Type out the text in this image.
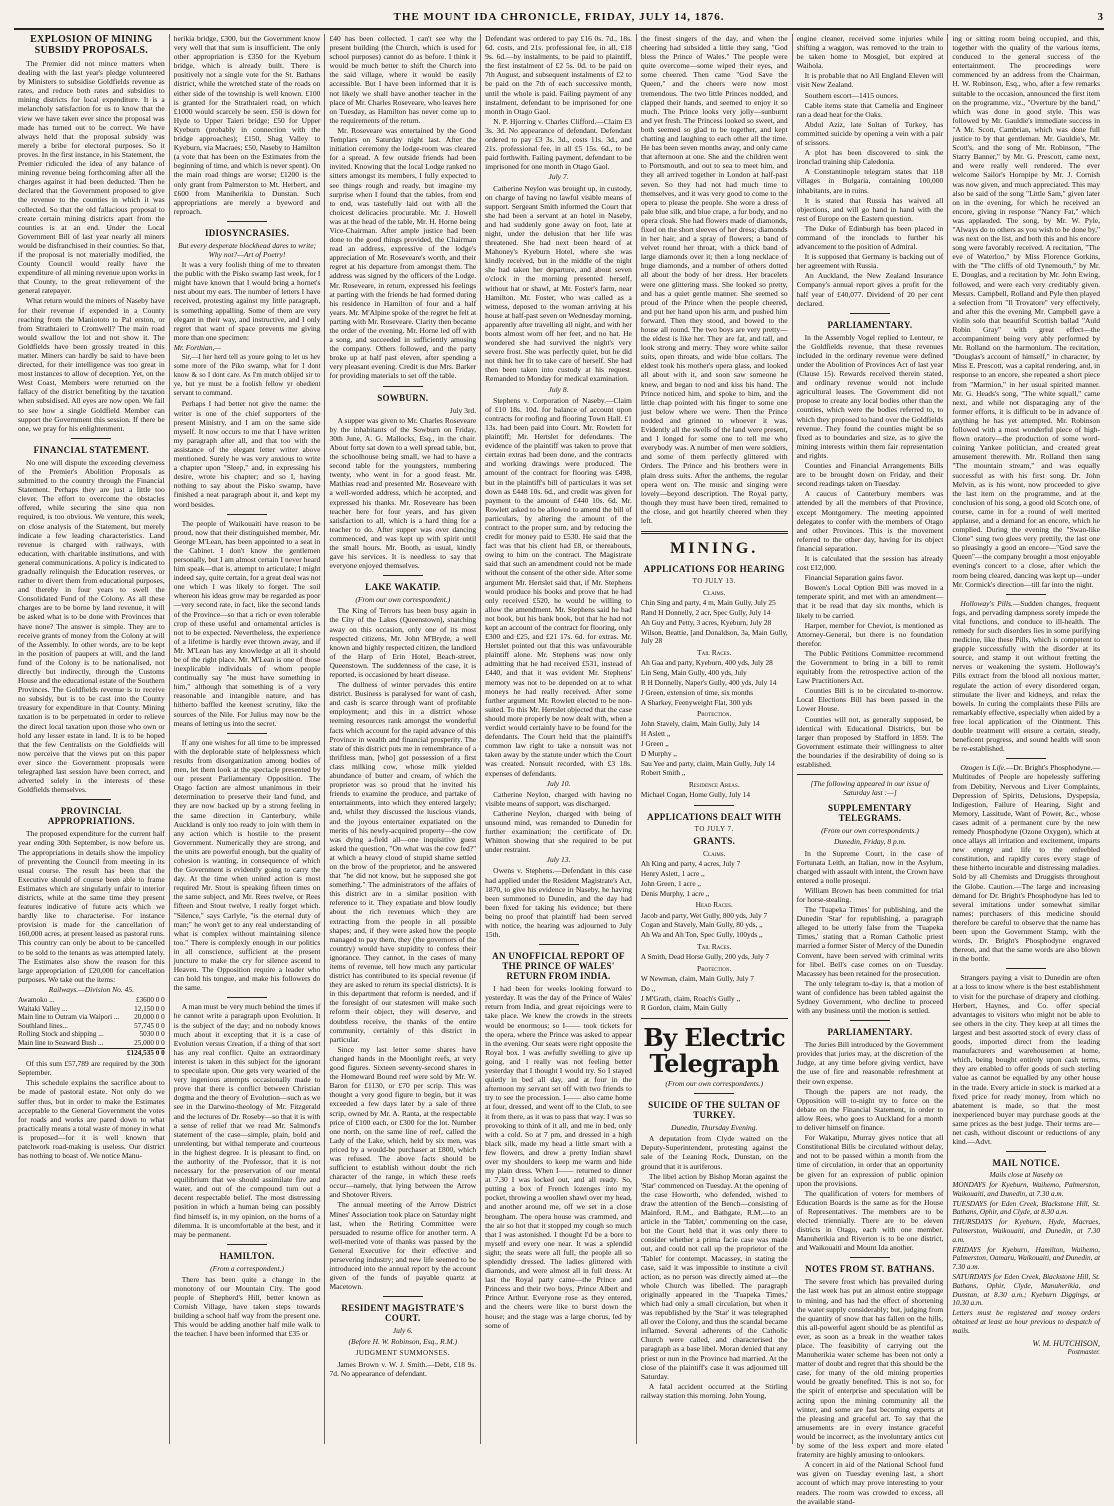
THE MOUNT IDA CHRONICLE, FRIDAY, JULY 14, 1876.	3
EXPLOSION OF MINING SUBSIDY PROPOSALS.

The Premier did not mince matters when dealing with the last year's pledge volunteered by Ministers to subsidise Goldfields revenue as rates, and reduce both rates and subsidies to mining districts for local expenditure. It is a melancholy satisfaction for us to know that the view we have taken ever since the proposal was made has turned out to be correct. We have always held that the proposal subsidy was merely a bribe for electoral purposes. So it proves. In the first instance, in his Statement, the Premier ridiculed the idea of any balance of mining revenue being forthcoming after all the charges against it had been deducted. Then he declared that the Government proposed to give the revenue to the counties in which it was collected. So that the old fallacious proposal to create certain mining districts apart from the counties is at an end. Under the Local Government Bill of last year nearly all miners would be disfranchised in their counties. So that, if the proposal is not materially modified, the County Council would really have the expenditure of all mining revenue upon works in that County, to the great relievement of the general ratepayer.

What return would the miners of Naseby have for their revenue if expended in a County reaching from the Maniototo to Pal erston, or from Strathtaieri to Cromwell? The main road would swallow the lot and not show it. The Goldfields have been grossly treated in this matter. Miners can hardly be said to have been directed, for their intelligence was too great in most instances to allow of deception. Yet, on the West Coast, Members were returned on the fallacy of the district benefiting by the taxation when subsidised. All eyes are now open. We fail to see how a single Goldfield Member can support the Government this session. If there be one, we pray for his enlightenment.

FINANCIAL STATEMENT.

No one will dispute the exceeding cleverness of the Premier's Abolition Proposals as submitted to the country through the Financial Statement. Perhaps they are just a little too clever. The effort to overcome the obstacles offered, while securing the sine qua non required, is too obvious. We venture, this week, on close analysis of the Statement, but merely indicate a few leading characteristics. Land revenue is charged with railways, with education, with charitable institutions, and with general communications. A policy is indicated to gradually relinquish the Education reserves, or rather to divert them from educational purposes, and thereby in four years to swell the Consolidated Fund of the Colony. As all these charges are to be borne by land revenue, it will be asked what is to be done with Provinces that have none? The answer is simple. They are to receive grants of money from the Colony at will of the Assembly. In other words, are to be kept in the position of paupers at will, and the land fund of the Colony is to be nationalised, not directly but indirectly, through the Customs House and the educational estate of the Southern Provinces. The Goldfields revenue is to receive no subsidy, but is to be cast into the County treasury for expenditure in that County. Mining taxation is to be perpetuated in order to relieve the direct local taxation upon those who own or hold any lesser estate in land. It is to be hoped that the few Centralists on the Goldfields will now perceive that the views put on this paper ever since the Government proposals were telegraphed last session have been correct, and adverted solely in the interests of these Goldfields themselves.

PROVINCIAL APPROPRIATIONS.

The proposed expenditure for the current half year ending 30th September, is now before us. The appropriations in details show the impolicy of preventing the Council from meeting in its usual course. The result has been that the Executive should of course been able to frame Estimates which are singularly unfair to interior districts, while at the same time they present features indicative of future acts which we hardly like to characterise. For instance provision is made for the cancellation of 160,000 acres, at present leased as pastoral runs. This country can only be about to be cancelled to be sold to the tenants as was attempted lately. The Estimates also show the reason for this large appropriation of £20,000 for cancellation purposes. We take out the items:

Railways.—Division No. 45.
Awamoko ...	£3600 0 0
Waitaki Valley ...	12,150 0 0
Main line to Outram via Waipori ...	20,000 0 0
Southland lines...	57,745 0 0
Rolling Stock and shipping ...	5030 0 0
Main line to Seaward Bush ...	25,000 0 0
	£124,535 0 0

Of this sum £57,789 are required by the 30th September.

This schedule explains the sacrifice about to be made of pastoral estate. Not only do we suffer thus, but in order to make the Estimates acceptable to the General Government the votes for roads and works are pared down to what practically means a total waste of money in what is proposed—for it is well known that patchwork road-making is useless. Our district has nothing to boast of. We notice Manu-

herikia bridge, £300, but the Government know very well that that sum is insufficient. The only other appropriation is £350 for the Kyeburn bridge, which is already built. There is positively not a single vote for the St. Bathans district, while the wretched state of the roads on either side of the township is well known. £100 is granted for the Strathtaieri road, on which £1000 would scarcely be seen. £50 is down for Hyde to Upper Taieri bridge; £50 for Upper Kyeburn (probably in connection with the bridge approaches); £150, Shag Valley to Kyeburn, via Macraes; £50, Naseby to Hamilton (a vote that has been on the Estimates from the beginning of time, and which is never spent). On the main road things are worse; £1200 is the only grant from Palmerston to Mt. Herbert, and £600 from Maniherikia to Dunstan. Such appropriations are merely a byeword and reproach.

IDIOSYNCRASIES.

But every desperate blockhead dares to write; Why not?—Art of Poetry!

It was a very foolish thing of me to threaten the public with the Pisko swamp last week, for I might have known that I would bring a hornet's nest about my ears. The number of letters I have received, protesting against my little paragraph, is something appalling. Some of them are very elegant in their way, and instructive, and I only regret that want of space prevents me giving more than one specimen:

Mr. Forthian,—

Sir,—I her herd tell as youre going to let us hev some more of the Piko swamp, what for I dont know & so I dont care. As I'm mutch oblijed sir to ye, but ye must be a foolish fellow yr obedient servant to command.

Perhaps I had better not give the name: the writer is one of the chief supporters of the present Ministry, and I am on the same side myself. It now occurs to me that I have written my paragraph after all, and that too with the assistance of the elegant letter writer above mentioned. Surely he was very anxious to write a chapter upon "Sleep," and, in expressing his desire, wrote his chapter; and so I, having nothing to say about the Pisko swamp, have finished a neat paragraph about it, and kept my word besides.

The people of Waikouaiti have reason to be proud, now that their distinguished member, Mr. George M'Lean, has been appointed to a seat in the Cabinet. I don't know the gentlemen personally, but I am almost certain I never heard him speak—that is, attempt to articulate; I might indeed say, quite certain, for a great deal was not one which I was likely to forget. The soil whereon his ideas grow may be regarded as poor—very second rate, in fact, like the second lands of the Province—so that a rich or even tolerable crop of these useful and ornamental articles is not to be expected. Nevertheless, the experience of a lifetime is hardly ever thrown away, and if Mr. M'Lean has any knowledge at all it should be of the right place. Mr. M'Lean is one of those inexplicable individuals of whom people continually say "he must have something in him," although that something is of a very reasonable and intangible nature, and has hitherto baffled the keenest scrutiny, like the sources of the Nile. For Julius may now be the means of letting us into the secret.

If any one wishes for all time to be impressed with the deplorable state of helplessness which results from disorganization among bodies of men, let them look at the spectacle presented by our present Parliamentary Opposition. The Otago faction are almost unanimous in their determination to preserve their land fund, and they are now backed up by a strong feeling in the same direction in Canterbury, while Auckland is only too ready to join with them in any action which is hostile to the present Government. Numerically they are strong, and the units are powerful enough, but the quality of cohesion is wanting, in consequence of which the Government is evidently going to carry the day. At the time when united action is most required Mr. Stout is speaking fifteen times on the same subject, and Mr. Rees twelve, or Rees fifteen and Stout twelve, I really forget which. "Silence," says Carlyle, "is the eternal duty of man;" he won't get to any real understanding of what is complex without maintaining silence too." There is complexly enough in our politics in all conscience, sufficient at the present juncture to make the cry for silence ascend to Heaven. The Opposition require a leader who can hold his tongue, and make his followers do the same.

A man must be very much behind the times if he cannot write a paragraph upon Evolution. It is the subject of the day; and no nobody knows much about it excepting that it is a case of Evolution versus Creation, if a thing of that sort has any real conflict. Quite an extraordinary interest is taken in this subject for the ignorant to speculate upon. One gets very wearied of the very ingenious attempts occasionally made to prove that there is conflict between Christian dogma and the theory of Evolution—such as we see in the Darwino-theology of Mr. Fitzgerald and the lectures of Dr. Roseby—so that it is with a sense of relief that we read Mr. Salmond's statement of the case—simple, plain, bold and unrelenting, but withal temperate and courteous in the highest degree. It is pleasant to find, on the authority of the Professor, that it is not necessary for the preservation of our mental equilibrium that we should assimilate fire and water, and out of the compound turn out a decent respectable belief. The most distressing position in which a human being can possibly find himself is, in my opinion, on the horns of a dilemma. It is uncomfortable at the best, and it may be permanent.

HAMILTON.
(From a correspondent.)

There has been quite a change in the monotony of our Mountain City. The good people of Shepherd's Hill, better known as Cornish Village, have taken steps towards building a school half way from the present one. This would be adding another half mile walk to the teacher. I have been informed that £35 or

£40 has been collected. I can't see why the present building (the Church, which is used for school purposes) cannot do as before. I think it would be much better to shift the Church into the said village, where it would be easily accessible. But I have been informed that it is not likely we shall have another teacher in the place of Mr. Charles Roseveare, who leaves here on Tuesday, as Hamilton has never come up to the requirements of the return.

Mr. Roseveare was entertained by the Good Templars on Saturday night last. After the initiation ceremony the lodge-room was cleared for a spread. A few outside friends had been invited. Knowing that the local Lodge ranked no sitters amongst its members, I fully expected to see things rough and ready, but imagine my surprise when I found that the tables, from end to end, was tastefully laid out with all the choicest delicacies procurable. Mr. J. Howell was at the head of the table, Mr. H. Horne being Vice-Chairman. After ample justice had been done to the good things provided, the Chairman read an address, expressive of the lodge's appreciation of Mr. Roseveare's worth, and their regret at his departure from amongst them. The address was signed by the officers of the Lodge. Mr. Roseveare, in return, expressed his feelings at parting with the friends he had formed during his residence in Hamilton of four and a half years. Mr. M'Alpine spoke of the regret he felt at parting with Mr. Roseveare. Clarity then became the order of the evening. Mr. Horne led off with a song, and succeeded in sufficiently amusing the company. Others followed, and the party broke up at half past eleven, after spending a very pleasant evening. Credit is due Mrs. Barker for providing materials to set off the table.

SOWBURN.

July 3rd.

A supper was given to Mr. Charles Roseveare by the inhabitants of the Sowburn on Friday, 30th June, A. G. Mallocks, Esq., in the chair. About forty sat down to a well spread table, but, the schoolhouse being small, we had to have a second table for the youngsters, numbering twenty, who went in for a good feast. Mr. Mathias read and presented Mr. Roseveare with a well-worded address, which he accepted, and expressed his thanks. Mr. Roseveare has been teacher here for four years, and has given satisfaction to all, which is a hard thing for a teacher to do. After supper was over dancing commenced, and was kept up with spirit until the small hours. Mr. Booth, as usual, kindly gave his services. It is needless to say that everyone enjoyed themselves.

LAKE WAKATIP.
(From our own correspondent.)

The King of Terrors has been busy again in the City of the Lakes (Queenstown), snatching away on this occasion, only one of its most respected citizens, Mr. John M'Bryde, a well known and highly respected citizen, the landlord of the Harp of Erin Hotel, Beach-street, Queenstown. The suddenness of the case, it is reported, is occasioned by heart disease.

The dullness of winter pervades this entire district. Business is paralysed for want of cash, and cash is scarce through want of profitable employment; and this in a district whose teeming resources rank amongst the wonderful facts which account for the rapid advance of this Province in wealth and financial prosperity. The state of this district puts me in remembrance of a thriftless man, [who] got possession of a first class milking cow, whose milk yielded abundance of butter and cream, of which the proprietor was so proud that he invited his friends to examine the produce, and partake of entertainments, into which they entered largely; and, whilst they discussed the luscious viands, and the joyous entertainer expatiated on the merits of his newly-acquired property—the cow was dying a-field all—one inquisitive guest asked the question, "On what was the cow fed?" at which a heavy cloud of stupid shame settled on the brow of the proprietor, and he answered that "he did not know, but he supposed she got something." The administrators of the affairs of this district are in a similar position with reference to it. They expatiate and blow loudly about the rich revenues which they are extracting from the people in all possible shapes; and, if they were asked how the people managed to pay them, they (the governors of the country) would have stupidity to confess their ignorance. They cannot, in the cases of many items of revenue, tell how much any particular district has contributed to its special revenue (if they are asked to return its special districts). It is in this department that reform is needed, and if the foresight of our statesmen will make such reform their object, they will deserve, and doubtless receive, the thanks of the entire community, certainly of this district in particular.

Since my last letter some shares have changed hands in the Moonlight reefs, at very good figures. Sixteen seventy-second shares in the Homeward Bound reef were sold by Mr. W. Baron for £1130, or £70 per scrip. This was thought a very good figure to begin, but it was exceeded a few days later by a sale of three scrip, owned by Mr. A. Ranta, at the respectable price of £100 each, or £300 for the lot. Number one north, on the same line of reef, called the Lady of the Lake, which, held by six men, was priced by a would-be purchaser at £800, which was refused. The above facts should be sufficient to establish without doubt the rich character of the range, in which these reefs occur—namely, that lying between the Arrow and Shotover Rivers.

The annual meeting of the Arrow District Mines' Association took place on Saturday night last, when the Retiring Committee were persuaded to resume office for another term. A well-merited vote of thanks was passed by the General Executive for their effective and persevering industry; and new life seemed to be introduced into the annual report by the account given of the funds of payable quartz at Macetown.

RESIDENT MAGISTRATE'S COURT.
July 6.
(Before H. W. Robinson, Esq., R.M.)
JUDGMENT SUMMONSES.

James Brown v. W. J. Smith.—Debt, £18 9s. 7d. No appearance of defendant.

Defendant was ordered to pay £16 0s. 7d., 18s. 6d. costs, and 21s. professional fee, in all, £18 9s. 6d.—by instalments, to be paid to plaintiff, the first instalment of £2 5s. 0d. to be paid on 7th August, and subsequent instalments of £2 to be paid on the 7th of each successive month, until the whole is paid. Failing payment of any instalment, defendant to be imprisoned for one month in Otago Gaol.

N. P. Hjorring v. Charles Clifford.—Claim £3 3s. 3d. No appearance of defendant. Defendant ordered to pay £3 3s. 3d., costs 11s. 3d., and 21s. professional fee, in all £5 15s. 6d., to be paid forthwith. Failing payment, defendant to be imprisoned for one month in Otago Gaol.

July 7.

Catherine Neylon was brought up, in custody, on charge of having no lawful visible means of support. Sergeant Smith informed the Court that she had been a servant at an hotel in Naseby, and had suddenly gone away on foot, late at night, under the delusion that her life was threatened. She had next been heard of at Mahoney's Kyeburn Hotel, where she was kindly received, but in the middle of the night she had taken her departure, and about seven o'clock in the morning presented herself, without hat or shawl, at Mr. Foster's farm, near Hamilton. Mr. Foster, who was called as a witness, deposed to the woman arriving at his house at half-past seven on Wednesday morning, apparently after travelling all night, and with her boots almost worn off her feet, and no hat. He wondered she had survived the night's very severe frost. She was perfectly quiet, but he did not think her fit to take care of herself. She had then been taken into custody at his request. Remanded to Monday for medical examination.

July 8.

Stephens v. Corporation of Naseby.—Claim of £10 18s. 10d. for balance of account upon contracts for roofing and flooring Town Hall. £1 13s. had been paid into Court. Mr. Rowlett for plaintiff; Mr. Hertslet for defendants. The evidence of the plaintiff was taken to prove that certain extras had been done, and the contracts and working drawings were produced. The amount of the contract for flooring was £498, but in the plaintiff's bill of particulars it was set down as £448 10s. 6d., and credit was given for payment to the amount of £440 10s. 6d. Mr. Rowlett asked to be allowed to amend the bill of particulars, by altering the amount of the contract to the proper sum, and by reducing the credit for money paid to £530. He said that the fact was that his client had £8, or thereabouts, owing to him on the contract. The Magistrate said that such an amendment could not be made without the consent of the other side. After some argument Mr. Hertslet said that, if Mr. Stephens would produce his books and prove that he had only received £520, he would be willing to allow the amendment. Mr. Stephens said he had not book, but his bank book, but that he had not kept an account of the contract for flooring, only £300 and £25, and £21 17s. 6d. for extras. Mr. Hertslet pointed out that this was unfavourable plaintiff alone. Mr. Stephens was now only admitting that he had received £531, instead of £440, and that it was evident Mr. Stephens' memory was not to be depended on at to what moneys he had really received. After some further argument Mr. Rowlett elected to be non-suited. To this Mr. Hertslet objected that the case should more properly be now dealt with, when a verdict would certainly have to be found for the defendants. The Court held that the plaintiff's common law right to take a nonsuit was not taken away by the statute under which the Court was created. Nonsuit recorded, with £3 18s. expenses of defendants.

July 10.

Catherine Neylon, charged with having no visible means of support, was discharged.

Catherine Neylon, charged with being of unsound mind, was remanded to Dunedin for further examination; the certificate of Dr. Whitton showing that she required to be put under restraint.

July 13.

Owens v. Stephens.—Defendant in this case had applied under the Resident Magistrate's Act, 1870, to give his evidence in Naseby, he having been summoned to Dunedin, and the day had been fixed for taking his evidence; but there being no proof that plaintiff had been served with notice, the hearing was adjourned to July 15th.

AN UNOFFICIAL REPORT OF THE PRINCE OF WALES' RETURN FROM INDIA.

I had been for weeks looking forward to yesterday. It was the day of the Prince of Wales' return from India, and great rejoicings were to take place. We knew the crowds in the streets would be enormous; so I—— took tickets for the opera, where the Prince was asked to appear in the evening. Our seats were right opposite the Royal box. I was awfully swelling to give up going, and I really was not feeling better yesterday that I thought I would try. So I stayed quietly in bed all day, and at four in the afternoon my servant set off with two friends to try to see the procession. I—— also came home at four, dressed, and went off to the Club, to see it from there, as it was to pass that way. I was so provoking to think of it all, and me in bed, only with a cold. So at 7 pm, and dressed in a high black silk, made my head a little smart with a few flowers, and drew a pretty Indian shawl over my shoulders to keep me warm and hide my plain dress. When I—— returned to dinner at 7.30 I was locked out, and all ready. So, putting a box of French lozenges into my pocket, throwing a woollen shawl over my head, and another around me, off we set in a close brougham. The opera house was crammed, and the air so hot that it stopped my cough so much that I was astonished. I thought I'd be a bore to myself and every one near. It was a splendid sight; the seats were all full, the people all so splendidly dressed. The ladies glittered with diamonds, and were almost all in full dress. At last the Royal party came—the Prince and Princess and their two boys, Prince Albert and Prince Arthur. Everyone rose as they entered, and the cheers were like to burst down the house; and the stage was a large chorus, led by some of

the finest singers of the day, and when the cheering had subsided a little they sang, "God bless the Prince of Wales." The people were quite overcome—some wiped their eyes, and some cheered. Then came "God Save the Queen," and the cheers were now most tremendous. The two little Princes nodded, and clapped their hands, and seemed to enjoy it so much. The Prince looks very jolly—sunburnt and yet fresh. The Princess looked so sweet, and both seemed so glad to be together, and kept chatting and laughing to each other all the time. He has been seven months away, and only came that afternoon at one. She and the children went to Portsmouth, and out to sea to meet him, and they all arrived together in London at half-past seven. So they had not had much time to themselves, and it was very good to come to the opera to please the people. She wore a dress of pale blue silk, and blue crape, a fur body, and no opera cloak. She had flowers made of diamonds, fixed on the short sleeves of her dress; diamonds in her hair, and a spray of flowers; a band of velvet round her throat, with a thick band of large diamonds over it; then a long necklace of huge diamonds, and a number of others dotted all about the body of her dress. Her bracelets were one glittering mass. She looked so pretty, and has a quiet gentle manner. She seemed so proud of the Prince when the people cheered, and put her hand upon his arm, and pushed him forward. Then they stood, and bowed to the house all round. The two boys are very pretty—the eldest is like her. They are fat, and tall, and look strong and merry. They wore white sailor suits, open throats, and wide blue collars. The eldest took his mother's opera glass, and looked all about with it, and soon saw someone he knew, and began to nod and kiss his hand. The Prince noticed him, and spoke to him, and the little chap pointed with his finger to some one just below where we were. Then the Prince nodded and grinned to whoever it was. Evidently all the swells of the land were present, and I longed for some one to tell me who everybody was. A number of men were soldiers, and some of them perfectly glittered with Orders. The Prince and his brothers were in plain dress suits. After the anthems, the regular opera went on. The music and singing were lovely—beyond description. The Royal party, though they must have been tired, remained to the close, and got heartily cheered when they left.

MINING.
APPLICATIONS FOR HEARING
TO JULY 13.
Claims.

Chin Sing and party, 4 m, Main Gully, July 25

Rand H Donnelly, 2 acr, Spec Gully, July 14

Ah Guy and Petty, 3 acres, Kyeburn, July 28

Wilson, Beattie, [and Donaldson, 3a, Main Gully, July 28

Tail Races.

Ah Gaa and party, Kyeburn, 400 yds, July 28

Lin Seng, Main Gully, 400 yds, July

R H Donnelly, Naper's Gully, 400 yds, July 14

J Green, extension of time, six months

A Sharkey, Feenyweight Flat, 300 yds

Protection.

John Stavely, claim, Main Gully, July 14

H Aslett ,,

J Green ,,

D Murphy ,,

Sau Yee and party, claim, Main Gully, July 14

Robert Smith ,,

Residence Areas.

Michael Cogan, Home Gully, July 14

APPLICATIONS DEALT WITH
TO JULY 7.
GRANTS.
Claims.

Ah King and party, 4 acres, July 7

Henry Aslett, 1 acre ,,

John Green, 1 acre ,,

Denis Murphy, 1 acre ,,

Head Races.

Jacob and party, Wet Gully, 800 yds, July 7

Cogan and Stavely, Main Gully, 80 yds, ,,

Ah Wa and Ah Ton, Spec Gully, 100yds ,,

Tail Races.

A Smith, Dead Horse Gully, 200 yds, July 7

Protection.

W Newman, claim, Main Gully, July 7

Do ,,

J M'Grath, claim, Roach's Gully ,,

R Gordon, claim, Main Gully

By Electric Telegraph
(From our own correspondents.)
SUICIDE OF THE SULTAN OF TURKEY.
Dunedin, Thursday Evening.

A deputation from Clyde waited on the Deputy-Superintendent, protesting against the sale of the Leaning Rock, Dunstan, on the ground that it is auriferous.

The libel action by Bishop Moran against the 'Star' commenced on Tuesday. At the opening of the case Howorth, who defended, wished to draw the attention of the Bench—consisting of Mainford, R.M., and Bathgate, R.M.—to an article in the 'Tablet,' commenting on the case, but the Court held that it was only there to consider whether a prima facie case was made out, and could not call up the proprietor of the 'Tablet' for contempt. Macassey, in stating the case, said it was impossible to institute a civil action, as no person was directly aimed at—the whole Church was libelled. The paragraph originally appeared in the 'Tuapeka Times,' which had only a small circulation, but when it was republished by the 'Star' it was telegraphed all over the Colony, and thus the scandal became inflamed. Several adherents of the Catholic Church were called, and characterised the paragraph as a base libel. Moran denied that any priest or nun in the Province had married. At the close of the plaintiff's case it was adjourned till Saturday.

A fatal accident occurred at the Stirling railway station this morning. John Young,

engine cleaner, received some injuries while shifting a waggon, was removed to the train to be taken home to Mosgiel, but expired at Waihola.

It is probable that no All England Eleven will visit New Zealand.

Southern escort—1415 ounces.

Cable items state that Camelia and Engineer ran a dead heat for the Oaks.

Abdul Aziz, late Sultan of Turkey, has committed suicide by opening a vein with a pair of scissors.

A plot has been discovered to sink the ironclad training ship Caledonia.

A Constantinople telegram states that 118 villages in Bulgaria, containing 100,000 inhabitants, are in ruins.

It is stated that Russia has waived all objections, and will go hand in hand with the rest of Europe on the Eastern question.

The Duke of Edinburgh has been placed in command of the ironclads to further his advancement to the position of Admiral.

It is supposed that Germany is backing out of her agreement with Russia.

An Auckland, the New Zealand Insurance Company's annual report gives a profit for the half year of £40,077. Dividend of 20 per cent declared.

PARLIAMENTARY.

In the Assembly Vogel replied to Lenteur, re the Goldfields revenue, that these revenues included in the ordinary revenue were defined under the Abolition of Provinces Act of last year (Clause 15). Rewards received therein stated, and ordinary revenue would not include agricultural leases. The Government did not propose to create any local bodies other than the counties, which were the bodies referred to, to which they proposed to hand over the Goldfields revenue. They found the counties might be so fixed as to boundaries and size, as to give the mining interests within them fair representation and rights.

Counties and Financial Arrangements Bills are to be brought down on Friday, and their second readings taken on Tuesday.

A caucus of Canterbury members was attended by all the members of that Province, except Montgomery. The meeting appointed delegates to confer with the members of Otago and other Provinces. This is the movement referred to the other day, having for its object financial separation.

It is calculated that the session has already cost £12,000.

Financial Separation gains favor.

Bowen's Local Option Bill was moved in a temperate spirit, and met with an amendment—that it be read that day six months, which is likely to be carried.

Harper, member for Cheviot, is mentioned as Attorney-General, but there is no foundation therefor.

The Public Petitions Committee recommend the Government to bring in a bill to remit equitably from the retrospective action of the Law Practitioners Act.

Counties Bill is to be circulated to-morrow. Local Elections Bill has been passed in the Lower House.

Counties will not, as generally supposed, be identical with Educational Districts, but be larger than proposed by Stafford in 1859. The Government estimate their willingness to alter the boundaries if the desirability of doing so is established.

[The following appeared in our issue of Saturday last :—]

SUPPLEMENTARY TELEGRAMS.
(From our own correspondents.)
Dunedin, Friday, 8 p.m.

In the Supreme Court, in the case of Fortunata Leith, an Italian, now in the Asylum, charged with assault with intent, the Crown have entered a nolle prosequi.

William Brown has been committed for trial for horse-stealing.

The 'Tuapeka Times' for publishing, and the Dunedin 'Star' for republishing, a paragraph alleged to be utterly false from the 'Tuapeka Times,' stating that a Roman Catholic priest married a former Sister of Mercy of the Dunedin Convent, have been served with criminal writs for libel. Bell's case comes on on Tuesday. Macassey has been retained for the prosecution.

The only telegram to-day is, that a motion of want of confidence has been tabled against the Sydney Government, who decline to proceed with any business until the motion is settled.

PARLIAMENTARY.

The Juries Bill introduced by the Government provides that juries may, at the discretion of the Judge, at any time before giving verdict, have the use of fire and reasonable refreshment at their own expense.

Though the papers are not ready, the Opposition will to-night try to force on the debate on the Financial Statement, in order to allow Rees, who goes to Auckland for a month to deliver himself on finance.

For Wakatipu, Murray gives notice that all Constitutional Bills be circulated without delay, and not to be passed within a month from the time of circulation, in order that an opportunity be given for an expression of public opinion upon the provisions.

The qualification of voters for members of Education Boards is the same as for the House of Representatives. The members are to be elected triennially. There are to be eleven districts in Otago, each with one member. Manuherikia and Riverton is to be one district, and Waikouaiti and Mount Ida another.

NOTES FROM ST. BATHANS.

The severe frost which has prevailed during the last week has put an almost entire stoppage to mining, and has had the effect of shortening the water supply considerably; but, judging from the quantity of snow that has fallen on the hills, this all-powerful agent should be as plentiful as ever, as soon as a break in the weather takes place. The feasibility of carrying out the Manuherikia water scheme has been not only a matter of doubt and regret that this should be the case, for many of the old mining properties would be greatly benefited. This is not so, for the spirit of enterprise and speculation will be acting upon the mining community all the winter, and some are fast becoming experts at the pleasing and graceful art. To say that the amusements are in every instance graceful would be incorrect, as the involuntary antics cut by some of the less expert and more elated fraternity are highly amusing to onlookers.

A concert in aid of the National School fund was given on Tuesday evening last, a short account of which may prove interesting to your readers. The room was crowded to excess, all the available stand-

ing or sitting room being occupied, and this, together with the quality of the various items, conduced to the general success of the entertainment. The proceedings were commenced by an address from the Chairman, H. W. Robinson, Esq., who, after a few remarks suitable to the occasion, announced the first item on the programme, viz., "Overture by the band," which was done in good style. This was followed by Mr. Gauldie's immediate success in "A Mr. Scott, Cambrian, which was done full justice to by that gentleman. Mr. Gauldie's, Mr. Scott's, and the song of Mr. Robinson, "The Starry Banner," by Mr. G. Prescott, came next, and were really well rendered. The ever welcome Sailor's Hornpipe by Mr. J. Cornish was now given, and much appreciated. This may also be said of the song "Little Sam," given later on in the evening, for which he received an encore, giving in response "Nancy Fat," which was applauded. The song, by Mr. W. Pyle, "Always do to others as you wish to be done by," was next on the list, and both this and his encore song were favorably received. A recitation, "The eve of Waterloo," by Miss Florence Gorkins, with the "The cliffs of old Tynemouth," by Mr. E. Douglas, and a recitation by Mr. John Ewing, followed, and were each very creditably given. Messrs. Campbell, Rolland and Pyle then played a selection from "Il Trovatore" very effectively, and after this the evening Mr. Campbell gave a violin solo that beautiful Scottish ballad "Auld Robin Gray" with great effect—the accompaniment being very ably performed by Mr. Rolland on the harmonium. The recitation, "Douglas's account of himself," in character, by Miss E. Prescott, was a capital rendering, and, in response to an encore, she repeated a short piece from "Marmion," in her usual spirited manner. Mr. G. Heads's song, "The white squall," came next, and while not disparaging any of the former efforts, it is difficult to be in advance of anything he has yet attempted. Mr. Robinson followed with a most wonderful piece of high-flown oratory—the production of some word-coining Yankee politician, and created great amusement therewith. Mr. Rolland then sang "The mountain stream," and was equally successful as with his first song. Dr. John Melvin, as is his wont, now proceeded to give the last item on the programme, and at the conclusion of his song, a good old Scotch one, of course, came in for a round of well merited applause, and a demand for an encore, which he complied. During the evening the "Swan-like Clone" sung two glees very prettily, the last one so pleasingly a good an encore—"God save the Queen"—the company brought a most enjoyable evening's concert to a close, after which the room being cleared, dancing was kept up—under Mr. Cormick's direction—till far into the night.

Holloway's Pills.—Sudden changes, frequent fogs, and pervading dampness sorely impede the vital functions, and conduce to ill-health. The remedy for such disorders lies in some purifying medicine, like these Pills, which is competent to grapple successfully with the disorder at its source, and stamp it out without fretting the nerves or weakening the system. Holloway's Pills extract from the blood all noxious matter, regulate the action of every disordered organ, stimulate the liver and kidneys, and relax the bowels. In curing the complaints these Pills are remarkably effective, especially when aided by a free local application of the Ointment. This double treatment will ensure a certain, steady, beneficent progress, and sound health will soon be re-established.

Ozogen is Life.—Dr. Bright's Phosphodyne.—Multitudes of People are hopelessly suffering from Debility, Nervous and Liver Complaints, Depression of Spirits, Delusions, Dyspepsia, Indigestion, Failure of Hearing, Sight and Memory, Lassitude, Want of Power, &c., whose cases admit of a permanent cure by the new remedy Phosphodyne (Ozone Oxygen), which at once allays all irritation and excitement, imparts new energy and life to the enfeebled constitution, and rapidly cures every stage of these hitherto incurable and distressing maladies. Sold by all Chemists and Druggists throughout the Globe. Caution.—The large and increasing demand for Dr. Bright's Phosphodyne has led to several imitations under somewhat similar names; purchasers of this medicine should therefore be careful to observe that the name has been upon the Government Stamp, with the words, Dr. Bright's Phosphodyne engraved thereon, and that the same words are also blown in the bottle.

Strangers paying a visit to Dunedin are often at a loss to know where is the best establishment to visit for the purchase of drapery and clothing. Herbert, Haynes, and Co. offer special advantages to visitors who might not be able to see others in the city. They keep at all times the largest and best assorted stock of every class of goods, imported direct from the leading manufacturers and warehousemen at home, which, being bought entirely upon cash terms, they are enabled to offer goods of such sterling value as cannot be equalled by any other house in the trade. Every article in stock is marked at a fixed price for ready money, from which no abatement is made, so that the most inexperienced buyer may purchase goods at the same prices as the best judge. Their terms are—net cash, without discount or reductions of any kind.—Advt.

MAIL NOTICE.

Mails close at Naseby on

MONDAYS for Kyeburn, Waihemo, Palmerston, Waikouaiti, and Dunedin, at 7.30 a.m.

TUESDAYS for Eden Creek, Blackstone Hill, St. Bathans, Ophir, and Clyde, at 8.30 a.m.

THURSDAYS for Kyeburn, Hyde, Macraes, Palmerston, Waikouaiti, and Dunedin, at 7.30 a.m.

FRIDAYS for Kyeburn, Hamilton, Waihemo, Palmerston, Oamaru, Waikouaiti, and Dunedin, at 7.30 a.m.

SATURDAYS for Eden Creek, Blackstone Hill, St. Bathans, Ophir, Clyde, Manuherikia, and Dunstan, at 8.30 a.m.; Kyeburn Diggings, at 10.30 a.m.

Letters must be registered and money orders obtained at least an hour previous to despatch of mails.

W. M. HUTCHISON,
Postmaster.
